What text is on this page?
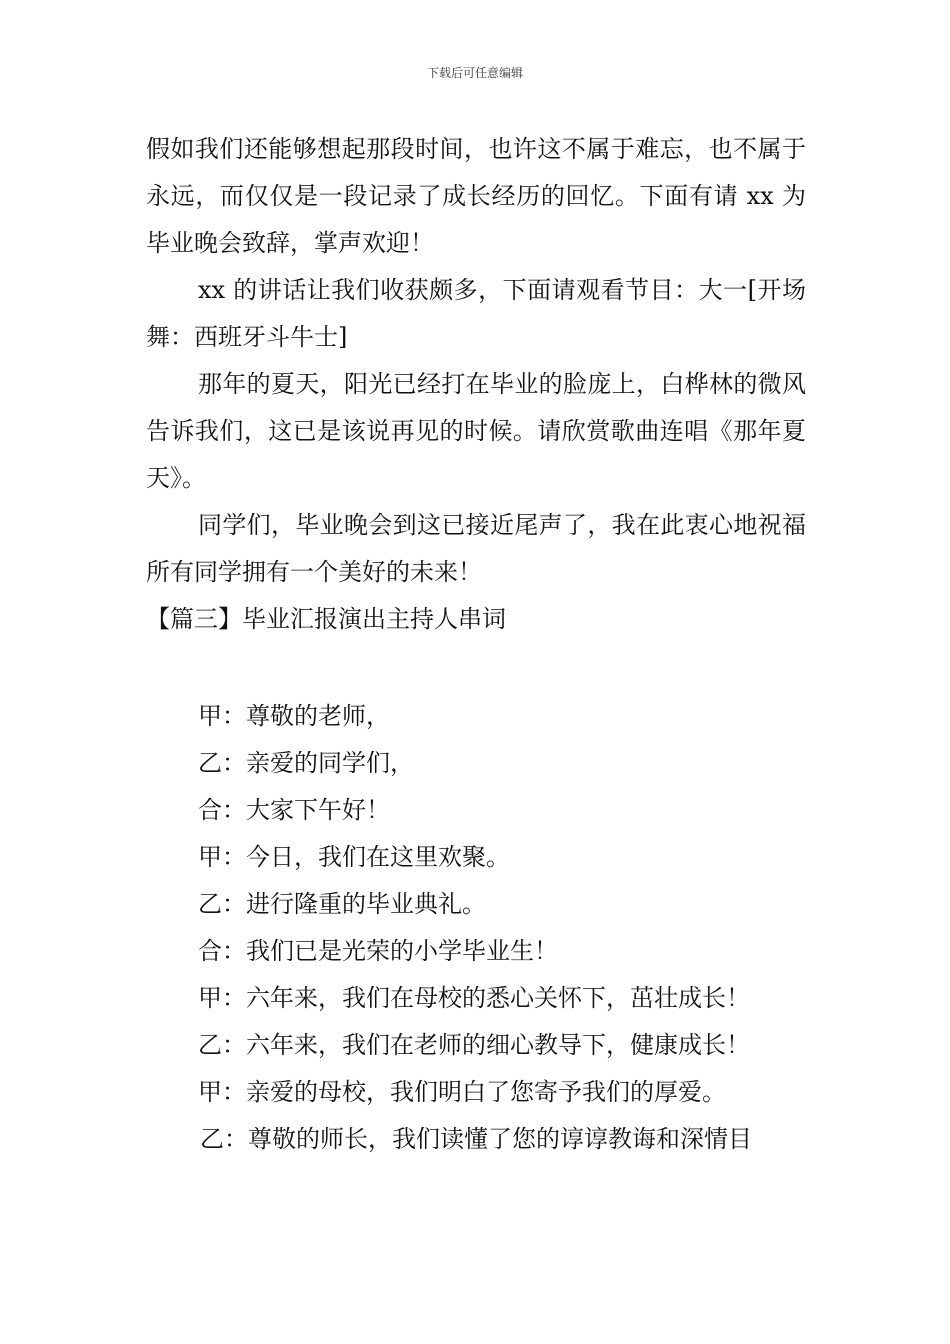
下载后可任意编辑

假如我们还能够想起那段时间，也许这不属于难忘，也不属于永远，而仅仅是一段记录了成长经历的回忆。下面有请 xx 为毕业晚会致辞，掌声欢迎！

xx 的讲话让我们收获颇多，下面请观看节目：大一[开场舞：西班牙斗牛士]

那年的夏天，阳光已经打在毕业的脸庞上，白桦林的微风告诉我们，这已是该说再见的时候。请欣赏歌曲连唱《那年夏天》。

同学们，毕业晚会到这已接近尾声了，我在此衷心地祝福所有同学拥有一个美好的未来！

【篇三】毕业汇报演出主持人串词

甲：尊敬的老师，

乙：亲爱的同学们，

合：大家下午好！

甲：今日，我们在这里欢聚。

乙：进行隆重的毕业典礼。

合：我们已是光荣的小学毕业生！

甲：六年来，我们在母校的悉心关怀下，茁壮成长！

乙：六年来，我们在老师的细心教导下，健康成长！

甲：亲爱的母校，我们明白了您寄予我们的厚爱。

乙：尊敬的师长，我们读懂了您的谆谆教诲和深情目
